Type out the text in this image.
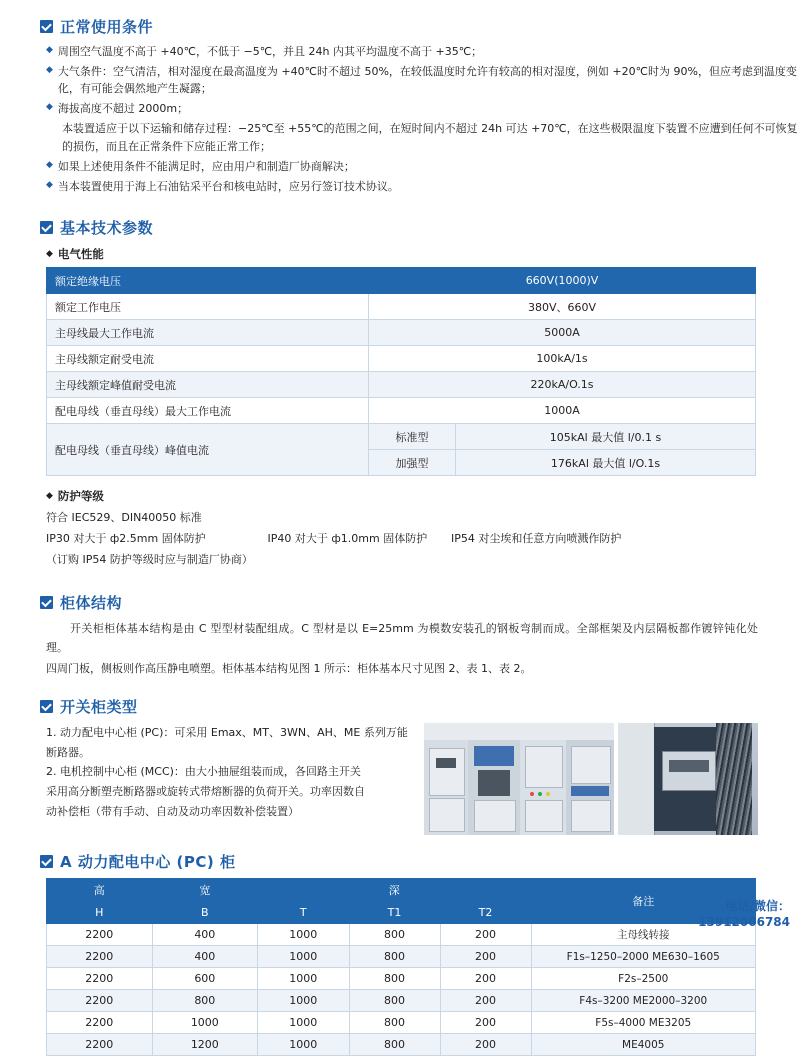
正常使用条件
◆ 周围空气温度不高于 +40℃，不低于 −5℃，并且 24h 内其平均温度不高于 +35℃；
◆ 大气条件：空气清洁，相对湿度在最高温度为 +40℃时不超过 50%，在较低温度时允许有较高的相对湿度，例如 +20℃时为 90%，但应考虑到温度变化，有可能会偶然地产生凝露；
◆ 海拔高度不超过 2000m；
本装置适应于以下运输和储存过程：−25℃至 +55℃的范围之间，在短时间内不超过 24h 可达 +70℃，在这些极限温度下装置不应遭到任何不可恢复的损伤，而且在正常条件下应能正常工作；
◆ 如果上述使用条件不能满足时，应由用户和制造厂协商解决；
◆ 当本装置使用于海上石油钻采平台和核电站时，应另行签订技术协议。
基本技术参数
◆ 电气性能
额定绝缘电压	660V(1000)V	
额定工作电压	380V、660V	
主母线最大工作电流	5000A	
主母线额定耐受电流	100kA/1s	
主母线额定峰值耐受电流	220kA/O.1s	
配电母线（垂直母线）最大工作电流	1000A	
配电母线（垂直母线）峰值电流	标准型	105kAl 最大值 l/0.1 s
	加强型	176kAl 最大值 l/O.1s
◆ 防护等级
符合 IEC529、DIN40050 标准
IP30 对大于 ф2.5mm 固体防护	IP40 对大于 ф1.0mm 固体防护 IP54 对尘埃和任意方向喷溅作防护
（订购 IP54 防护等级时应与制造厂协商）
柜体结构
开关柜柜体基本结构是由 C 型型材装配组成。C 型材是以 E=25mm 为模数安装孔的钢板弯制而成。全部框架及内层隔板都作镀锌钝化处理。
四周门板，侧板则作高压静电喷塑。柜体基本结构见图 1 所示：柜体基本尺寸见图 2、表 1、表 2。
开关柜类型
1. 动力配电中心柜 (PC)：可采用 Emax、MT、3WN、AH、ME 系列万能断路器。
2. 电机控制中心柜 (MCC)：由大小抽屉组装而成，各回路主开关
采用高分断塑壳断路器或旋转式带熔断器的负荷开关。功率因数自
动补偿柜（带有手动、自动及动功率因数补偿装置）
A 动力配电中心 (PC) 柜
高	宽	深			备注
H	B	T	T1	T2	
2200	400	1000	800	200	主母线转接
2200	400	1000	800	200	F1s–1250–2000 ME630–1605
2200	600	1000	800	200	F2s–2500
2200	800	1000	800	200	F4s–3200 ME2000–3200
2200	1000	1000	800	200	F5s–4000 ME3205
2200	1200	1000	800	200	ME4005
电话/微信：
13912006784
